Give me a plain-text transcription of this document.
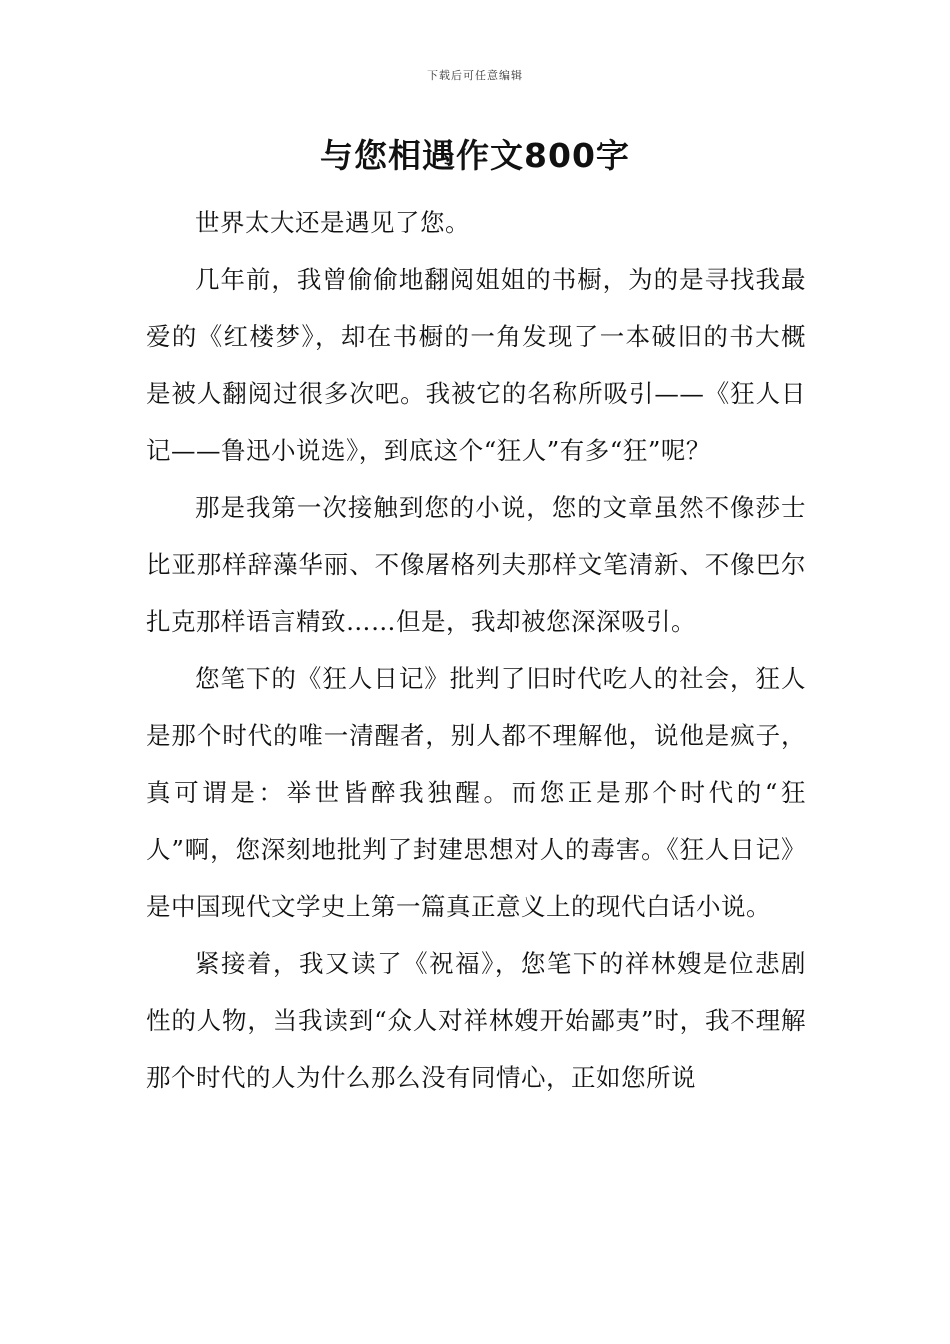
下载后可任意编辑
与您相遇作文800字

世界太大还是遇见了您。

几年前，我曾偷偷地翻阅姐姐的书橱，为的是寻找我最爱的《红楼梦》，却在书橱的一角发现了一本破旧的书大概是被人翻阅过很多次吧。我被它的名称所吸引——《狂人日记——鲁迅小说选》，到底这个“狂人”有多“狂”呢？

那是我第一次接触到您的小说，您的文章虽然不像莎士比亚那样辞藻华丽、不像屠格列夫那样文笔清新、不像巴尔扎克那样语言精致……但是，我却被您深深吸引。

您笔下的《狂人日记》批判了旧时代吃人的社会，狂人是那个时代的唯一清醒者，别人都不理解他，说他是疯子，真可谓是：举世皆醉我独醒。而您正是那个时代的“狂人”啊，您深刻地批判了封建思想对人的毒害。《狂人日记》是中国现代文学史上第一篇真正意义上的现代白话小说。

紧接着，我又读了《祝福》，您笔下的祥林嫂是位悲剧性的人物，当我读到“众人对祥林嫂开始鄙夷”时，我不理解那个时代的人为什么那么没有同情心，正如您所说
